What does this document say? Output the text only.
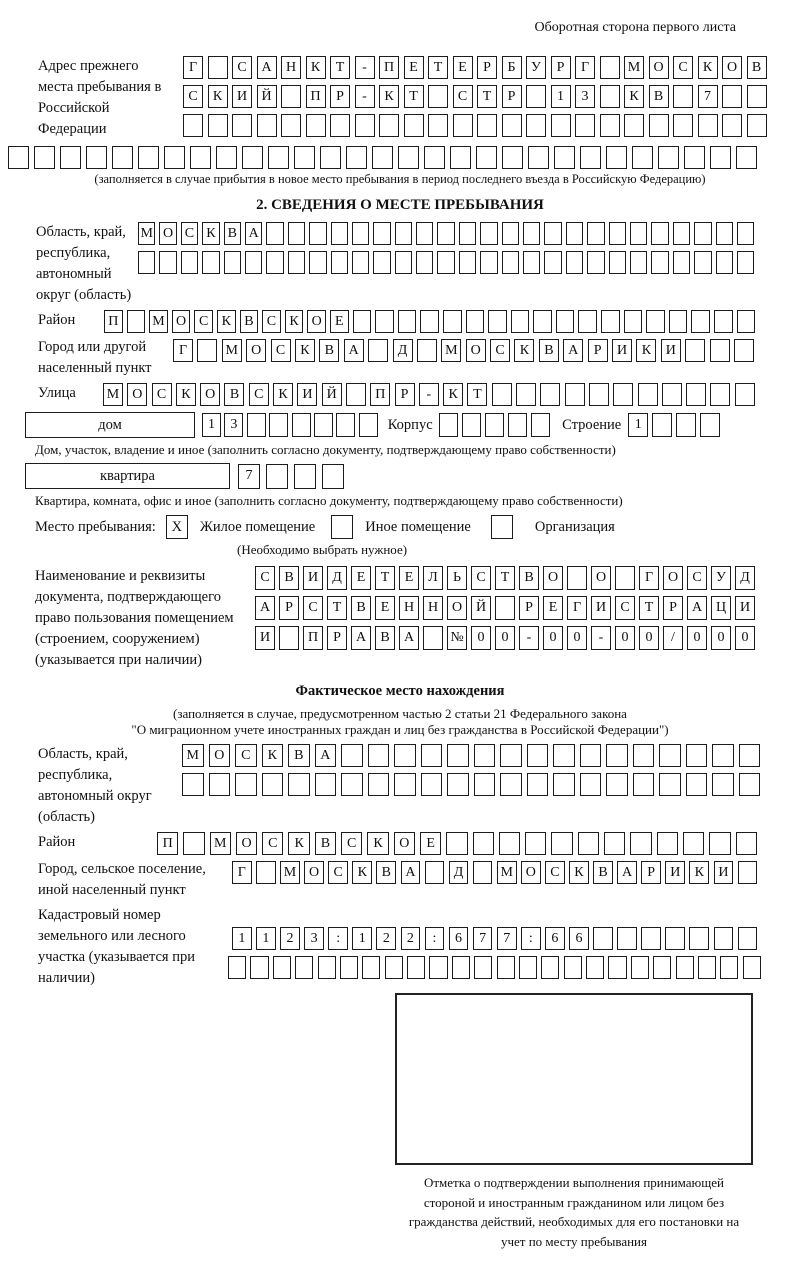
Оборотная сторона первого листа
Адрес прежнего места пребывания в Российской Федерации
Г	С	А	Н	К	Т	-	П	Е	Т	Е	Р	Б	У	Р	Г	М О	С	К	О	В
С	К	И	Й	П	Р	-	К	Т	С	Т	Р	1	3	К	В	7
(заполняется в случае прибытия в новое место пребывания в период последнего въезда в Российскую Федерацию)
2. СВЕДЕНИЯ О МЕСТЕ ПРЕБЫВАНИЯ
Область, край, республика, автономный округ (область)
М О С К В А
Район	П	М О С К В С К О Е
Город или другой населенный пункт
Г	М О	С	К	В	А	Д	М О	С	К	В	А	Р	И	К	И
Улица	М О	С	К	О	В	С	К	И	Й	П	Р	-	К	Т
дом	1	3	Корпус	Строение 1
Дом, участок, владение и иное (заполнить согласно документу, подтверждающему право собственности)
квартира	7
Квартира, комната, офис и иное (заполнить согласно документу, подтверждающему право собственности)
Место пребывания:	X	Жилое помещение	Иное помещение	Организация
(Необходимо выбрать нужное)
Наименование и реквизиты документа, подтверждающего право пользования помещением (строением, сооружением) (указывается при наличии)
С	В	И	Д	Е	Т	Е	Л	Ь	С	Т	В	О	О	Г	О	С	У	Д
А	Р	С	Т	В	Е	Н Н О Й	Р	Е	Г	И	С	Т	Р	А Ц И
И	П	Р	А	В	А	№ 0	0	-	0	0	-	0	0	/	0	0	0
Фактическое место нахождения
(заполняется в случае, предусмотренном частью 2 статьи 21 Федерального закона
"О миграционном учете иностранных граждан и лиц без гражданства в Российской Федерации")
Область, край, республика, автономный округ (область)
М	О	С	К	В	А
Район	П	М	О	С	К	В	С	К	О	Е
Город, сельское поселение, иной населенный пункт
Г	М О	С	К	В	А	Д	М О	С	К	В	А	Р	И	К	И
Кадастровый номер земельного или лесного участка (указывается при наличии)
1	1	2	3	:	1	2	2	:	6	7	7	:	6	6
Отметка о подтверждении выполнения принимающей стороной и иностранным гражданином или лицом без гражданства действий, необходимых для его постановки на учет по месту пребывания
